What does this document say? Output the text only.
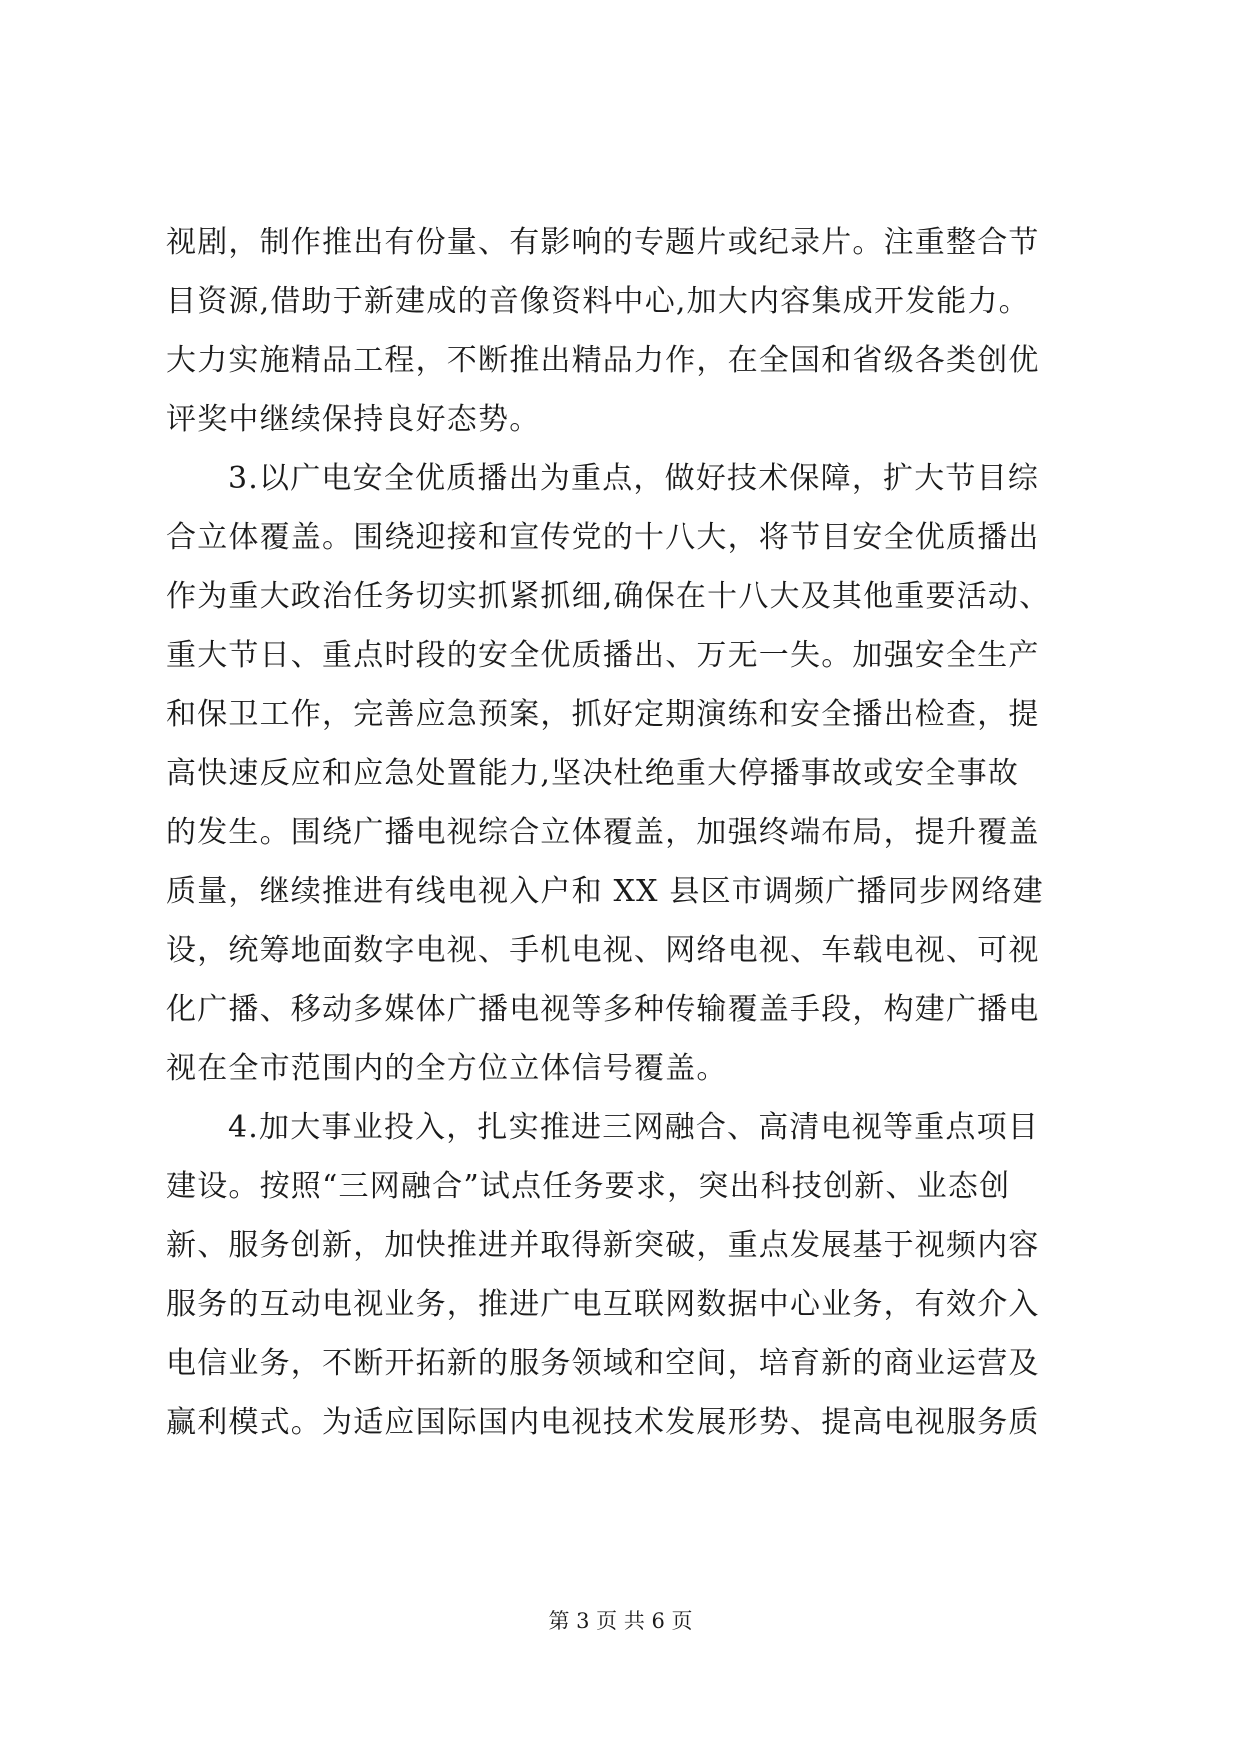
视剧，制作推出有份量、有影响的专题片或纪录片。注重整合节
目资源,借助于新建成的音像资料中心,加大内容集成开发能力。
大力实施精品工程，不断推出精品力作，在全国和省级各类创优
评奖中继续保持良好态势。
3.以广电安全优质播出为重点，做好技术保障，扩大节目综
合立体覆盖。围绕迎接和宣传党的十八大，将节目安全优质播出
作为重大政治任务切实抓紧抓细,确保在十八大及其他重要活动、
重大节日、重点时段的安全优质播出、万无一失。加强安全生产
和保卫工作，完善应急预案，抓好定期演练和安全播出检查，提
高快速反应和应急处置能力,坚决杜绝重大停播事故或安全事故
的发生。围绕广播电视综合立体覆盖，加强终端布局，提升覆盖
质量，继续推进有线电视入户和 XX 县区市调频广播同步网络建
设，统筹地面数字电视、手机电视、网络电视、车载电视、可视
化广播、移动多媒体广播电视等多种传输覆盖手段，构建广播电
视在全市范围内的全方位立体信号覆盖。
4.加大事业投入，扎实推进三网融合、高清电视等重点项目
建设。按照“三网融合”试点任务要求，突出科技创新、业态创
新、服务创新，加快推进并取得新突破，重点发展基于视频内容
服务的互动电视业务，推进广电互联网数据中心业务，有效介入
电信业务，不断开拓新的服务领域和空间，培育新的商业运营及
赢利模式。为适应国际国内电视技术发展形势、提高电视服务质
第 3 页 共 6 页
